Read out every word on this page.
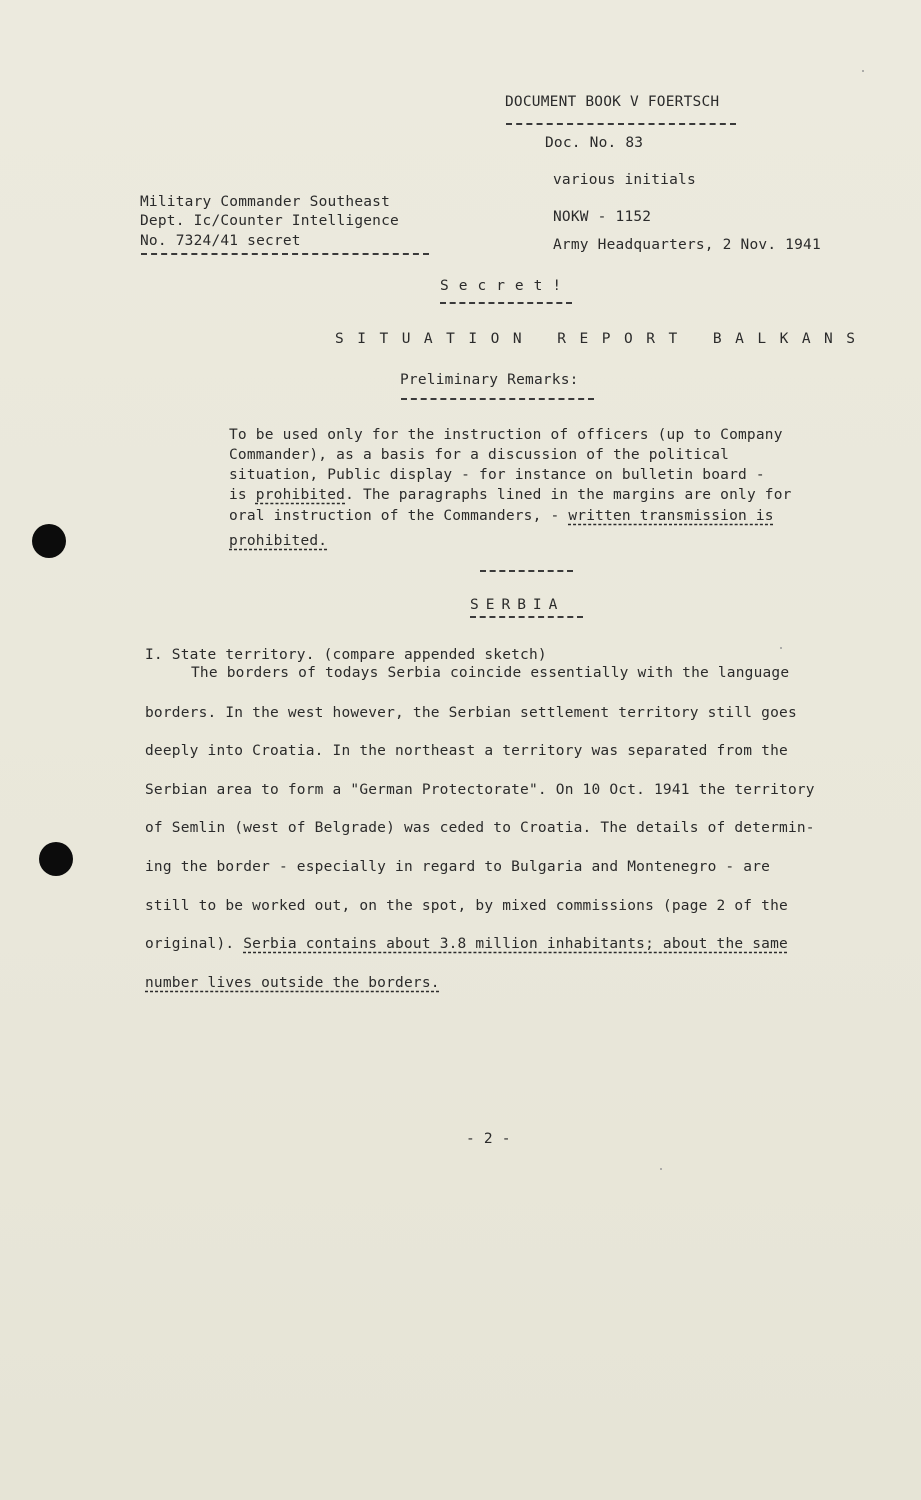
DOCUMENT BOOK V FOERTSCH
Doc. No. 83
various initials
NOKW - 1152
Army Headquarters, 2 Nov. 1941
Military Commander Southeast
Dept. Ic/Counter Intelligence
No. 7324/41 secret
Secret!
SITUATION REPORT BALKANS
Preliminary Remarks:
To be used only for the instruction of officers (up to Company
Commander), as a basis for a discussion of the political
situation, Public display - for instance on bulletin board -
is prohibited. The paragraphs lined in the margins are only for
oral instruction of the Commanders, - written transmission is
prohibited.
SERBIA
I. State territory. (compare appended sketch)
The borders of todays Serbia coincide essentially with the language
borders. In the west however, the Serbian settlement territory still goes
deeply into Croatia. In the northeast a territory was separated from the
Serbian area to form a "German Protectorate". On 10 Oct. 1941 the territory
of Semlin (west of Belgrade) was ceded to Croatia. The details of determin-
ing the border - especially in regard to Bulgaria and Montenegro - are
still to be worked out, on the spot, by mixed commissions (page 2 of the
original). Serbia contains about 3.8 million inhabitants; about the same
number lives outside the borders.
- 2 -
